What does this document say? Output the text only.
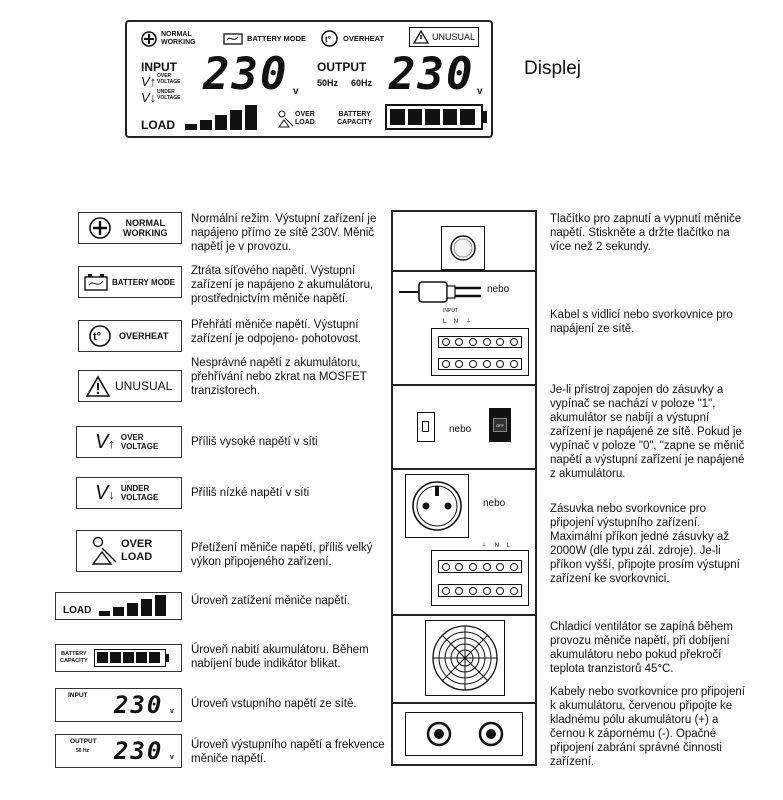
NORMAL
WORKING	BATTERY MODE t° OVERHEAT	UNUSUAL
INPUT
V↑ OVER
VOLTAGE
V↓ UNDER
VOLTAGE 230 v
OUTPUT
50Hz 60Hz 230 v
LOAD
OVER
LOAD
BATTERY
CAPACITY
Displej
NORMAL
WORKING
Normální režim. Výstupní zařízení je napájeno přímo ze sítě 230V. Měnič napětí je v provozu.
BATTERY MODE
Ztráta síťového napětí. Výstupní zařízení je napájeno z akumulátoru, prostřednictvím měniče napětí.
t° OVERHEAT
Přehřátí měniče napětí. Výstupní zařízení je odpojeno- pohotovost.
UNUSUAL
Nesprávné napětí z akumulátoru, přehřívání nebo zkrat na MOSFET tranzistorech.
V↑ OVER
VOLTAGE	Příliš vysoké napětí v síti
V↓ UNDER
VOLTAGE	Příliš nízké napětí v síti
OVER
LOAD
Přetížení měniče napětí, příliš velký výkon připojeného zařízení.
LOAD
Úroveň zatížení měniče napětí.
BATTERY
CAPACITY
Úroveň nabití akumulátoru. Během nabíjení bude indikátor blikat.
INPUT 230 v
Úroveň vstupního napětí ze sítě.
OUTPUT
50 Hz 230 v
Úroveň výstupního napětí a frekvence měniče napětí.
nebo
INPUT
L N ⏚
nebo	OFF
nebo
⏚ N L
Tlačítko pro zapnutí a vypnutí měniče napětí. Stiskněte a držte tlačítko na více než 2 sekundy.
Kabel s vidlicí nebo svorkovnice pro napájení ze sítě.
Je-li přístroj zapojen do zásuvky a vypínač se nachází v poloze "1", akumulátor se nabíjí a výstupní zařízení je napájené ze sítě. Pokud je vypínač v poloze "0", "zapne se měnič napětí a výstupní zařízení je napájené z akumulátoru.
Zásuvka nebo svorkovnice pro připojení výstupního zařízení. Maximální příkon jedné zásuvky až 2000W (dle typu zál. zdroje). Je-li příkon vyšší, připojte prosím výstupní zařízení ke svorkovnici.
Chladicí ventilátor se zapíná během provozu měniče napětí, při dobíjení akumulátoru nebo pokud překročí teplota tranzistorů 45°C.
Kabely nebo svorkovnice pro připojení k akumulátoru, červenou připojte ke kladnému pólu akumulátoru (+) a černou k zápornému (-). Opačné připojení zabrání správné činnosti zařízení.
